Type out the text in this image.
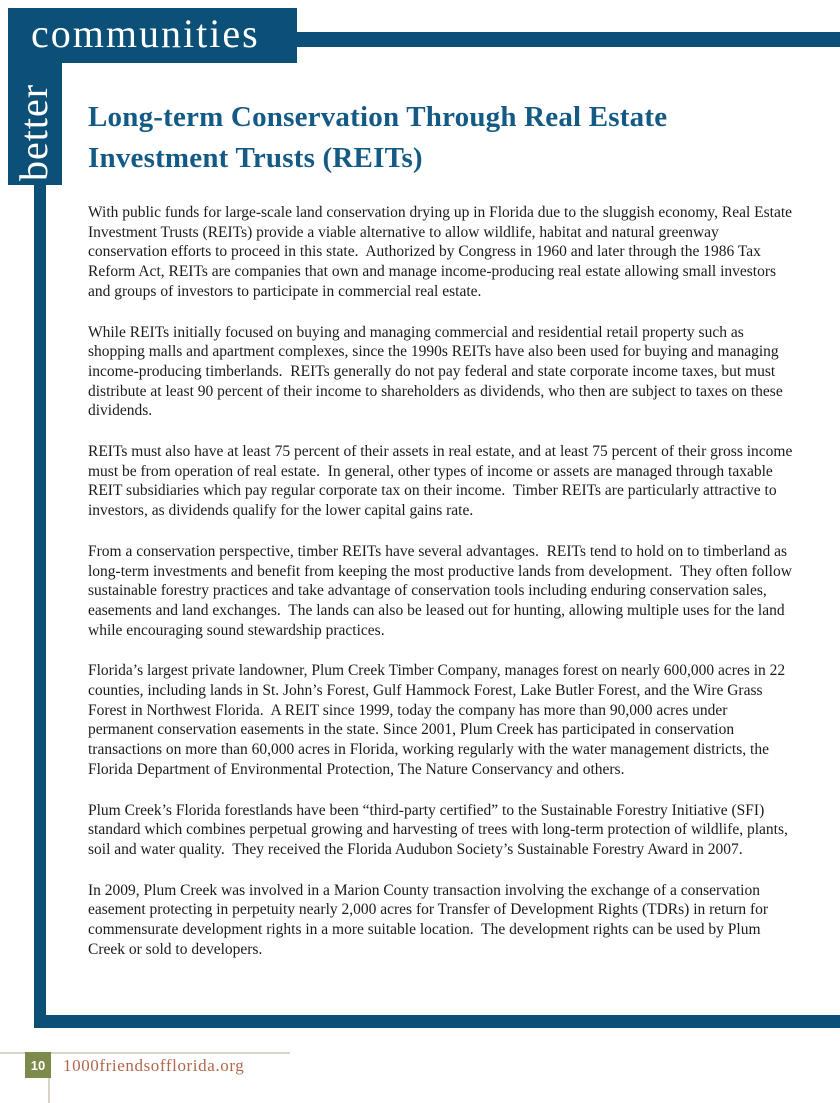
better
communities
Long-term Conservation Through Real Estate Investment Trusts (REITs)

With public funds for large-scale land conservation drying up in Florida due to the sluggish economy, Real Estate Investment Trusts (REITs) provide a viable alternative to allow wildlife, habitat and natural greenway conservation efforts to proceed in this state.  Authorized by Congress in 1960 and later through the 1986 Tax Reform Act, REITs are companies that own and manage income-producing real estate allowing small investors and groups of investors to participate in commercial real estate.

While REITs initially focused on buying and managing commercial and residential retail property such as shopping malls and apartment complexes, since the 1990s REITs have also been used for buying and managing income-producing timberlands.  REITs generally do not pay federal and state corporate income taxes, but must distribute at least 90 percent of their income to shareholders as dividends, who then are subject to taxes on these dividends.

REITs must also have at least 75 percent of their assets in real estate, and at least 75 percent of their gross income must be from operation of real estate.  In general, other types of income or assets are managed through taxable REIT subsidiaries which pay regular corporate tax on their income.  Timber REITs are particularly attractive to investors, as dividends qualify for the lower capital gains rate.

From a conservation perspective, timber REITs have several advantages.  REITs tend to hold on to timberland as long-term investments and benefit from keeping the most productive lands from development.  They often follow sustainable forestry practices and take advantage of conservation tools including enduring conservation sales, easements and land exchanges.  The lands can also be leased out for hunting, allowing multiple uses for the land while encouraging sound stewardship practices.

Florida’s largest private landowner, Plum Creek Timber Company, manages forest on nearly 600,000 acres in 22 counties, including lands in St. John’s Forest, Gulf Hammock Forest, Lake Butler Forest, and the Wire Grass Forest in Northwest Florida.  A REIT since 1999, today the company has more than 90,000 acres under permanent conservation easements in the state. Since 2001, Plum Creek has participated in conservation transactions on more than 60,000 acres in Florida, working regularly with the water management districts, the Florida Department of Environmental Protection, The Nature Conservancy and others.

Plum Creek’s Florida forestlands have been “third-party certified” to the Sustainable Forestry Initiative (SFI) standard which combines perpetual growing and harvesting of trees with long-term protection of wildlife, plants, soil and water quality.  They received the Florida Audubon Society’s Sustainable Forestry Award in 2007.

In 2009, Plum Creek was involved in a Marion County transaction involving the exchange of a conservation easement protecting in perpetuity nearly 2,000 acres for Transfer of Development Rights (TDRs) in return for commensurate development rights in a more suitable location.  The development rights can be used by Plum Creek or sold to developers.

10	1000friendsofflorida.org
